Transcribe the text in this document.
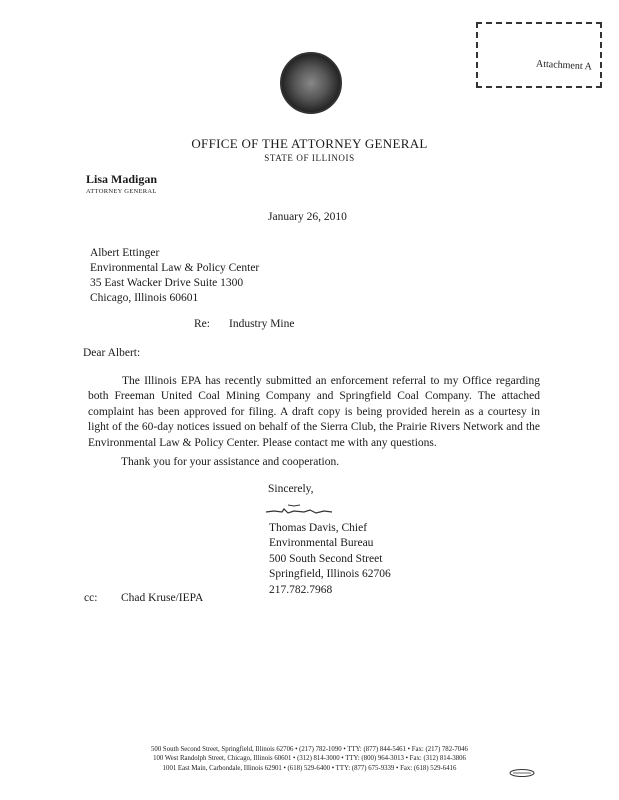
Attachment A
OFFICE OF THE ATTORNEY GENERAL
STATE OF ILLINOIS
Lisa Madigan
ATTORNEY GENERAL
January 26, 2010
Albert Ettinger
Environmental Law & Policy Center
35 East Wacker Drive Suite 1300
Chicago, Illinois 60601
Re: Industry Mine
Dear Albert:

The Illinois EPA has recently submitted an enforcement referral to my Office regarding both Freeman United Coal Mining Company and Springfield Coal Company. The attached complaint has been approved for filing. A draft copy is being provided herein as a courtesy in light of the 60-day notices issued on behalf of the Sierra Club, the Prairie Rivers Network and the Environmental Law & Policy Center. Please contact me with any questions.

Thank you for your assistance and cooperation.
Sincerely,
Thomas Davis, Chief
Environmental Bureau
500 South Second Street
Springfield, Illinois 62706
217.782.7968
cc: Chad Kruse/IEPA
500 South Second Street, Springfield, Illinois 62706 • (217) 782-1090 • TTY: (877) 844-5461 • Fax: (217) 782-7046
100 West Randolph Street, Chicago, Illinois 60601 • (312) 814-3000 • TTY: (800) 964-3013 • Fax: (312) 814-3806
1001 East Main, Carbondale, Illinois 62901 • (618) 529-6400 • TTY: (877) 675-9339 • Fax: (618) 529-6416
